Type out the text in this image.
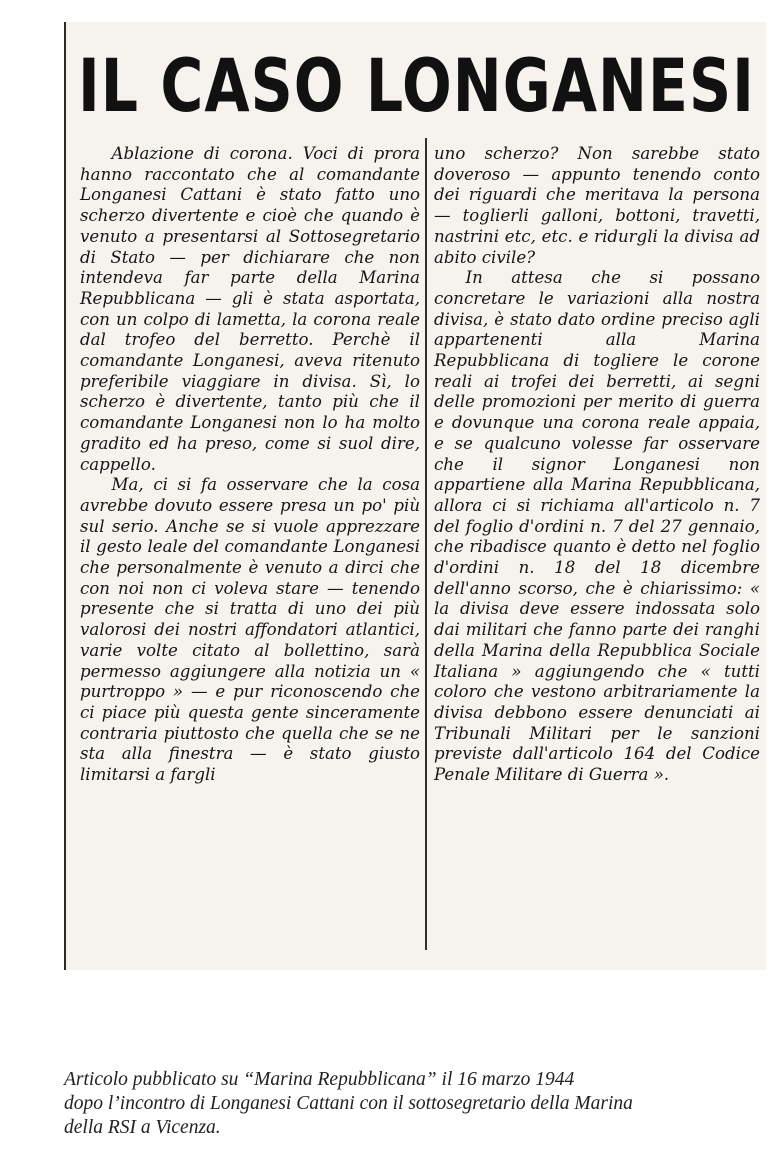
IL CASO LONGANESI

Ablazione di corona. Voci di prora hanno raccontato che al comandante Longanesi Cattani è stato fatto uno scherzo divertente e cioè che quando è venuto a presentarsi al Sottosegretario di Stato — per dichiarare che non intendeva far parte della Marina Repubblicana — gli è stata asportata, con un colpo di lametta, la corona reale dal trofeo del berretto. Perchè il comandante Longanesi, aveva ritenuto preferibile viaggiare in divisa. Sì, lo scherzo è divertente, tanto più che il comandante Longanesi non lo ha molto gradito ed ha preso, come si suol dire, cappello.

Ma, ci si fa osservare che la cosa avrebbe dovuto essere presa un po' più sul serio. Anche se si vuole apprezzare il gesto leale del comandante Longanesi che personalmente è venuto a dirci che con noi non ci voleva stare — tenendo presente che si tratta di uno dei più valorosi dei nostri affondatori atlantici, varie volte citato al bollettino, sarà permesso aggiungere alla notizia un « purtroppo » — e pur riconoscendo che ci piace più questa gente sinceramente contraria piuttosto che quella che se ne sta alla finestra — è stato giusto limitarsi a fargli

uno scherzo? Non sarebbe stato doveroso — appunto tenendo conto dei riguardi che meritava la persona — toglierli galloni, bottoni, travetti, nastrini etc, etc. e ridurgli la divisa ad abito civile?

In attesa che si possano concretare le variazioni alla nostra divisa, è stato dato ordine preciso agli appartenenti alla Marina Repubblicana di togliere le corone reali ai trofei dei berretti, ai segni delle promozioni per merito di guerra e dovunque una corona reale appaia, e se qualcuno volesse far osservare che il signor Longanesi non appartiene alla Marina Repubblicana, allora ci si richiama all'articolo n. 7 del foglio d'ordini n. 7 del 27 gennaio, che ribadisce quanto è detto nel foglio d'ordini n. 18 del 18 dicembre dell'anno scorso, che è chiarissimo: « la divisa deve essere indossata solo dai militari che fanno parte dei ranghi della Marina della Repubblica Sociale Italiana » aggiungendo che « tutti coloro che vestono arbitrariamente la divisa debbono essere denunciati ai Tribunali Militari per le sanzioni previste dall'articolo 164 del Codice Penale Militare di Guerra ».

Articolo pubblicato su “Marina Repubblicana” il 16 marzo 1944
dopo l’incontro di Longanesi Cattani con il sottosegretario della Marina
della RSI a Vicenza.
